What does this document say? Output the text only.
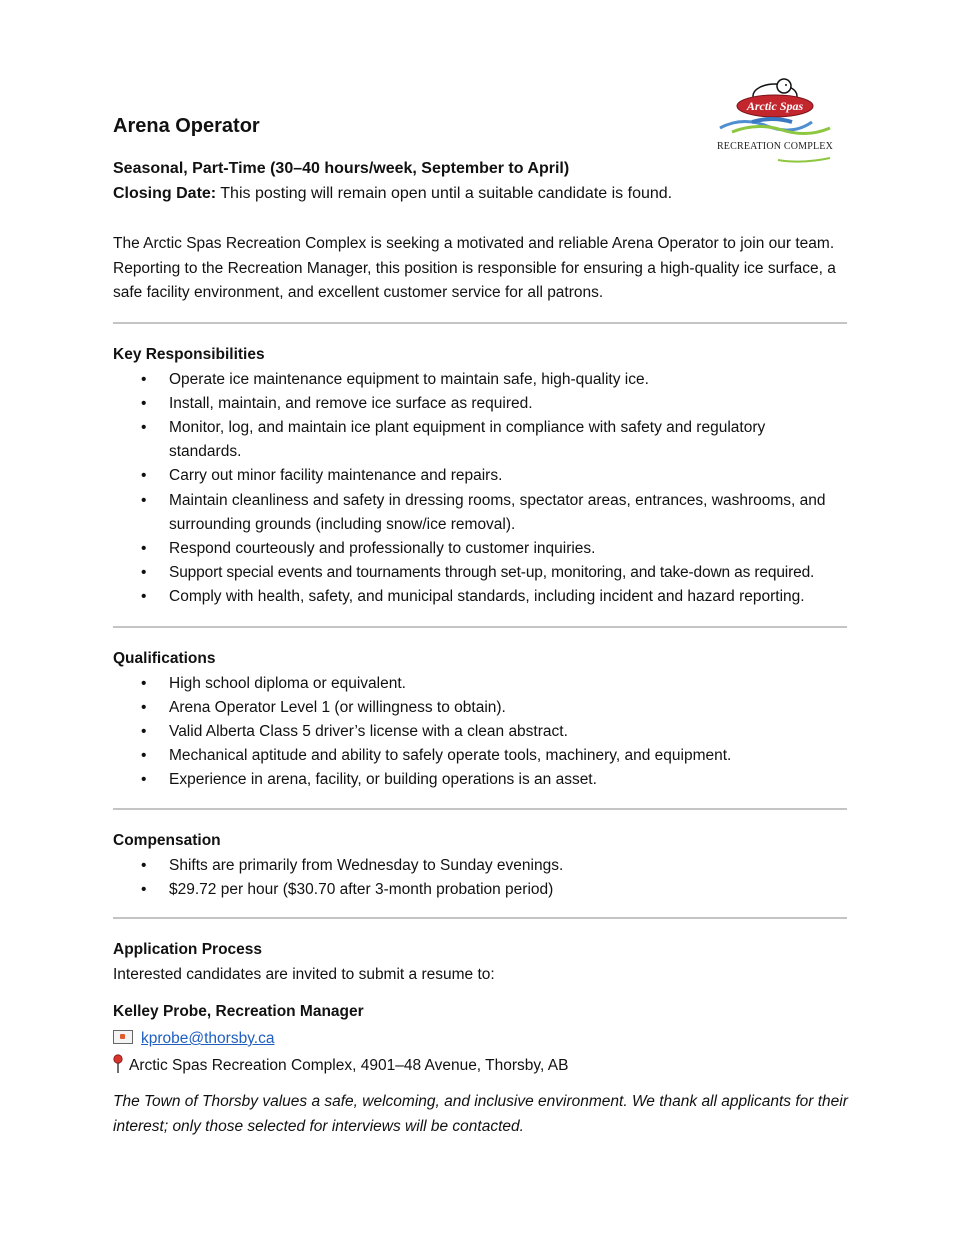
Arena Operator
Arctic Spas
RECREATION COMPLEX
Seasonal, Part-Time (30–40 hours/week, September to April)
Closing Date: This posting will remain open until a suitable candidate is found.

The Arctic Spas Recreation Complex is seeking a motivated and reliable Arena Operator to join our team. Reporting to the Recreation Manager, this position is responsible for ensuring a high-quality ice surface, a safe facility environment, and excellent customer service for all patrons.

Key Responsibilities
• Operate ice maintenance equipment to maintain safe, high-quality ice.
• Install, maintain, and remove ice surface as required.
• Monitor, log, and maintain ice plant equipment in compliance with safety and regulatory standards.
• Carry out minor facility maintenance and repairs.
• Maintain cleanliness and safety in dressing rooms, spectator areas, entrances, washrooms, and surrounding grounds (including snow/ice removal).
• Respond courteously and professionally to customer inquiries.
• Support special events and tournaments through set-up, monitoring, and take-down as required.
• Comply with health, safety, and municipal standards, including incident and hazard reporting.
Qualifications
• High school diploma or equivalent.
• Arena Operator Level 1 (or willingness to obtain).
• Valid Alberta Class 5 driver’s license with a clean abstract.
• Mechanical aptitude and ability to safely operate tools, machinery, and equipment.
• Experience in arena, facility, or building operations is an asset.
Compensation
• Shifts are primarily from Wednesday to Sunday evenings.
• $29.72 per hour ($30.70 after 3-month probation period)
Application Process

Interested candidates are invited to submit a resume to:

Kelley Probe, Recreation Manager
kprobe@thorsby.ca
Arctic Spas Recreation Complex, 4901–48 Avenue, Thorsby, AB

The Town of Thorsby values a safe, welcoming, and inclusive environment. We thank all applicants for their interest; only those selected for interviews will be contacted.
